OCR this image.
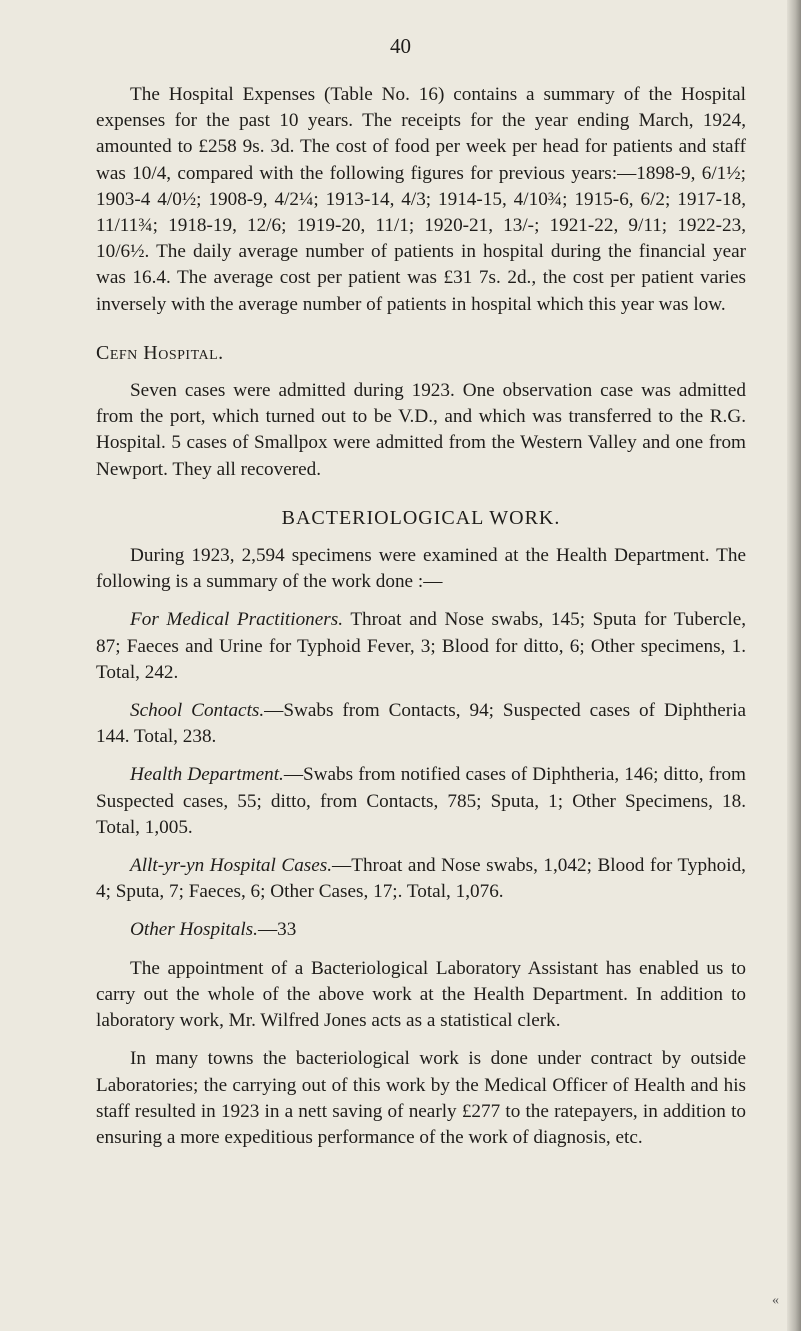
40

The Hospital Expenses (Table No. 16) contains a summary of the Hospital expenses for the past 10 years. The receipts for the year ending March, 1924, amounted to £258 9s. 3d. The cost of food per week per head for patients and staff was 10/4, compared with the following figures for previous years:—1898-9, 6/1½; 1903-4 4/0½; 1908-9, 4/2¼; 1913-14, 4/3; 1914-15, 4/10¾; 1915-6, 6/2; 1917-18, 11/11¾; 1918-19, 12/6; 1919-20, 11/1; 1920-21, 13/-; 1921-22, 9/11; 1922-23, 10/6½. The daily average number of patients in hospital during the financial year was 16.4. The average cost per patient was £31 7s. 2d., the cost per patient varies inversely with the average number of patients in hospital which this year was low.

Cefn Hospital.

Seven cases were admitted during 1923. One observation case was admitted from the port, which turned out to be V.D., and which was transferred to the R.G. Hospital. 5 cases of Smallpox were admitted from the Western Valley and one from Newport. They all recovered.

BACTERIOLOGICAL WORK.

During 1923, 2,594 specimens were examined at the Health Department. The following is a summary of the work done :—

For Medical Practitioners. Throat and Nose swabs, 145; Sputa for Tubercle, 87; Faeces and Urine for Typhoid Fever, 3; Blood for ditto, 6; Other specimens, 1. Total, 242.

School Contacts.—Swabs from Contacts, 94; Suspected cases of Diphtheria 144. Total, 238.

Health Department.—Swabs from notified cases of Diphtheria, 146; ditto, from Suspected cases, 55; ditto, from Contacts, 785; Sputa, 1; Other Specimens, 18. Total, 1,005.

Allt-yr-yn Hospital Cases.—Throat and Nose swabs, 1,042; Blood for Typhoid, 4; Sputa, 7; Faeces, 6; Other Cases, 17;. Total, 1,076.

Other Hospitals.—33

The appointment of a Bacteriological Laboratory Assistant has enabled us to carry out the whole of the above work at the Health Department. In addition to laboratory work, Mr. Wilfred Jones acts as a statistical clerk.

In many towns the bacteriological work is done under contract by outside Laboratories; the carrying out of this work by the Medical Officer of Health and his staff resulted in 1923 in a nett saving of nearly £277 to the ratepayers, in addition to ensuring a more expeditious performance of the work of diagnosis, etc.

«
